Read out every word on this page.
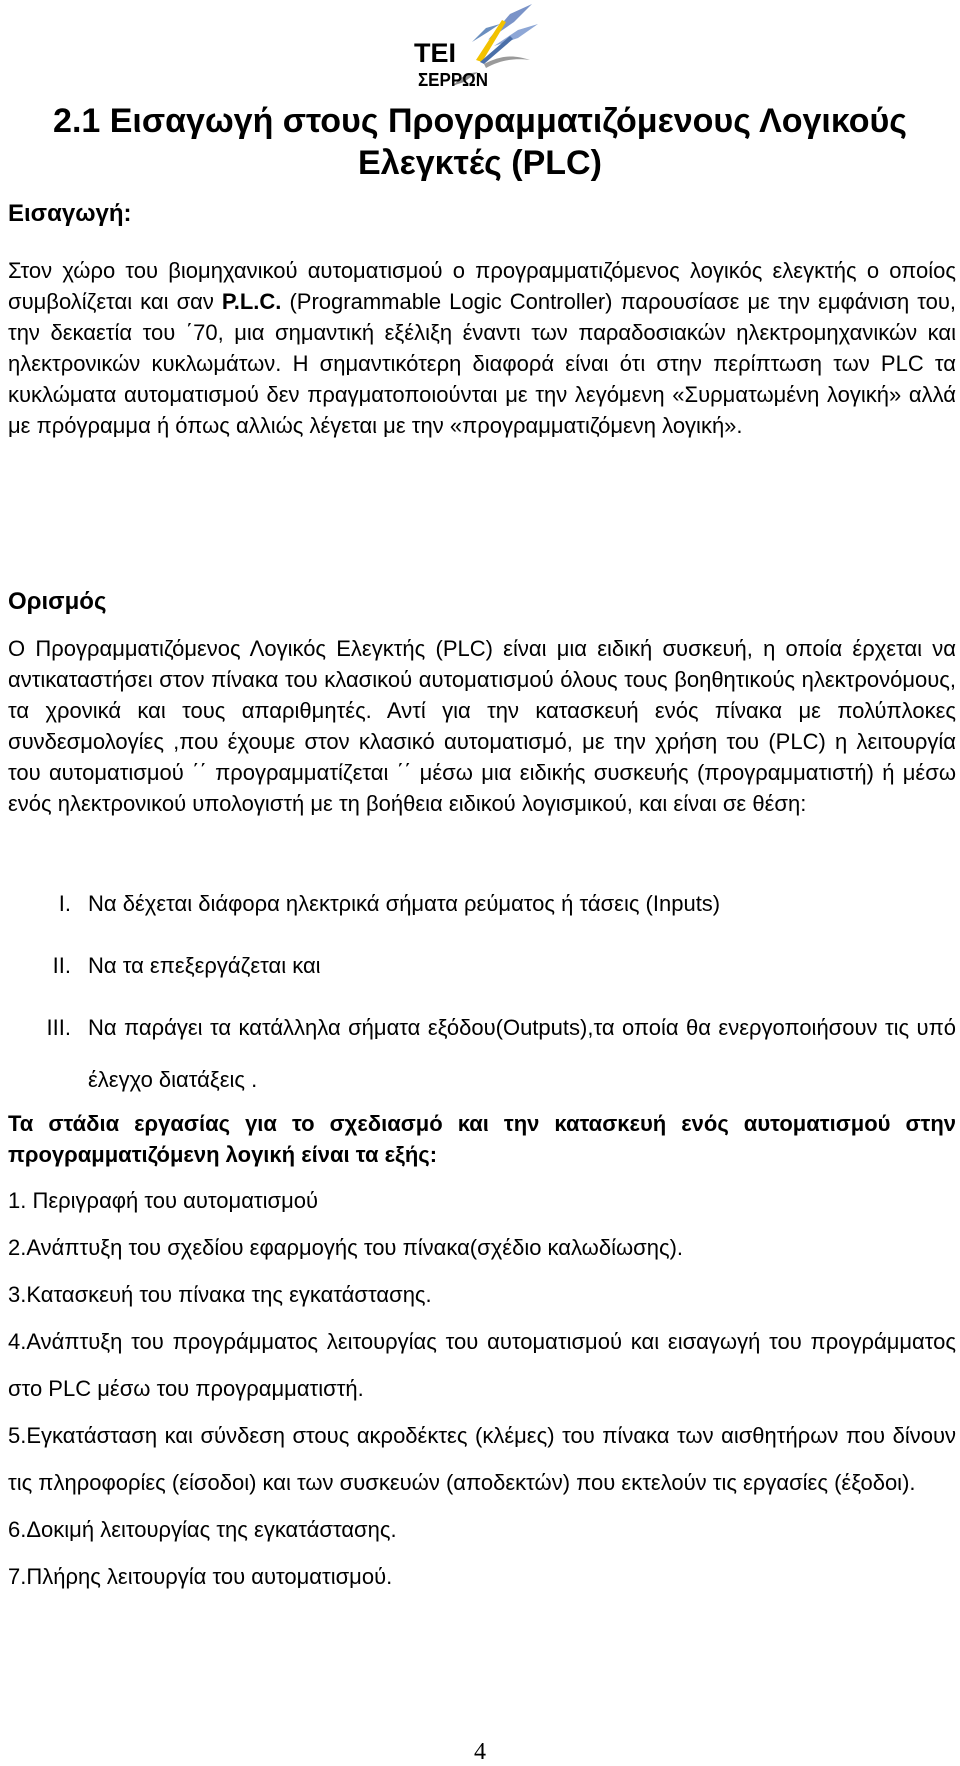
ΤΕΙ
ΣΕΡΡΩΝ
2.1 Εισαγωγή στους Προγραμματιζόμενους Λογικούς
Ελεγκτές (PLC)

Εισαγωγή:

Στον χώρο του βιομηχανικού αυτοματισμού ο προγραμματιζόμενος λογικός ελεγκτής ο οποίος συμβολίζεται και σαν P.L.C. (Programmable Logic Controller) παρουσίασε με την εμφάνιση του, την δεκαετία του ΄70, μια σημαντική εξέλιξη έναντι των παραδοσιακών ηλεκτρομηχανικών και ηλεκτρονικών κυκλωμάτων. Η σημαντικότερη διαφορά είναι ότι στην περίπτωση των PLC τα κυκλώματα αυτοματισμού δεν πραγματοποιούνται με την λεγόμενη «Συρματωμένη λογική» αλλά με πρόγραμμα ή όπως αλλιώς λέγεται με την «προγραμματιζόμενη λογική».

Ορισμός

Ο Προγραμματιζόμενος Λογικός Ελεγκτής (PLC) είναι μια ειδική συσκευή, η οποία έρχεται να αντικαταστήσει στον πίνακα του κλασικού αυτοματισμού όλους τους βοηθητικούς ηλεκτρονόμους, τα χρονικά και τους απαριθμητές. Αντί για την κατασκευή ενός πίνακα με πολύπλοκες συνδεσμολογίες ,που έχουμε στον κλασικό αυτοματισμό, με την χρήση του (PLC) η λειτουργία του αυτοματισμού ΄΄ προγραμματίζεται ΄΄ μέσω μια ειδικής συσκευής (προγραμματιστή) ή μέσω ενός ηλεκτρονικού υπολογιστή με τη βοήθεια ειδικού λογισμικού, και είναι σε θέση:

I. Να δέχεται διάφορα ηλεκτρικά σήματα ρεύματος ή τάσεις (Inputs)
II. Να τα επεξεργάζεται και
III. Να παράγει τα κατάλληλα σήματα εξόδου(Outputs),τα οποία θα ενεργοποιήσουν τις υπό έλεγχο διατάξεις .

Τα στάδια εργασίας για το σχεδιασμό και την κατασκευή ενός αυτοματισμού στην προγραμματιζόμενη λογική είναι τα εξής:

1. Περιγραφή του αυτοματισμού

2.Ανάπτυξη του σχεδίου εφαρμογής του πίνακα(σχέδιο καλωδίωσης).

3.Κατασκευή του πίνακα της εγκατάστασης.

4.Ανάπτυξη του προγράμματος λειτουργίας του αυτοματισμού και εισαγωγή του προγράμματος στο PLC μέσω του προγραμματιστή.

5.Εγκατάσταση και σύνδεση στους ακροδέκτες (κλέμες) του πίνακα των αισθητήρων που δίνουν τις πληροφορίες (είσοδοι) και των συσκευών (αποδεκτών) που εκτελούν τις εργασίες (έξοδοι).

6.Δοκιμή λειτουργίας της εγκατάστασης.

7.Πλήρης λειτουργία του αυτοματισμού.

4
